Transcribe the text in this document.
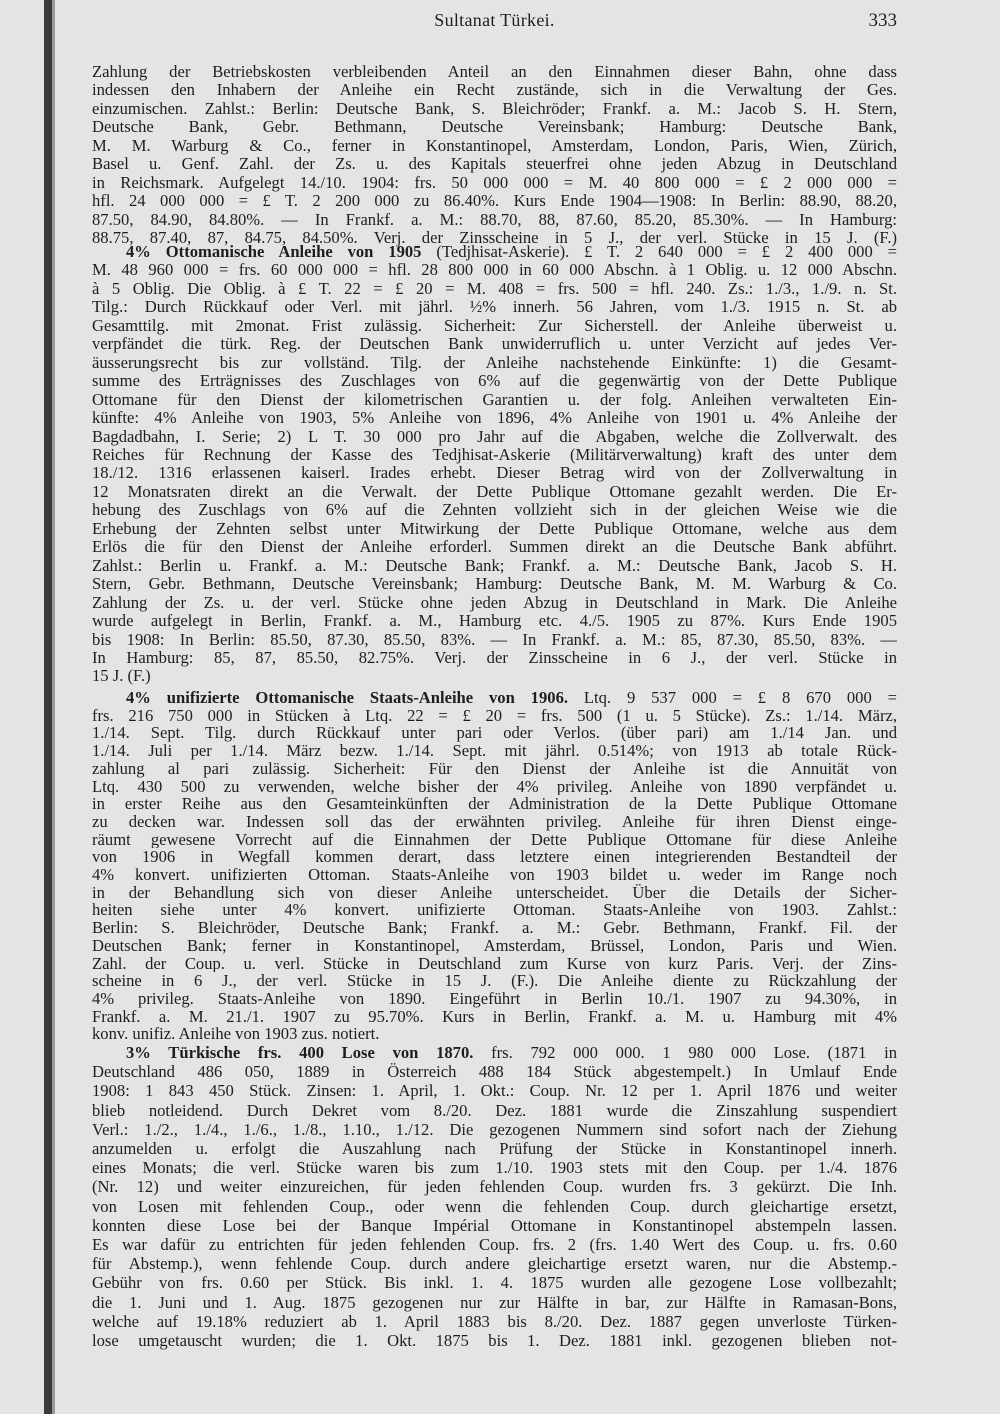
Sultanat Türkei.	333
Zahlung der Betriebskosten verbleibenden Anteil an den Einnahmen dieser Bahn, ohne dass
indessen den Inhabern der Anleihe ein Recht zustände, sich in die Verwaltung der Ges.
einzumischen. Zahlst.: Berlin: Deutsche Bank, S. Bleichröder; Frankf. a. M.: Jacob S. H. Stern,
Deutsche Bank, Gebr. Bethmann, Deutsche Vereinsbank; Hamburg: Deutsche Bank,
M. M. Warburg & Co., ferner in Konstantinopel, Amsterdam, London, Paris, Wien, Zürich,
Basel u. Genf. Zahl. der Zs. u. des Kapitals steuerfrei ohne jeden Abzug in Deutschland
in Reichsmark. Aufgelegt 14./10. 1904: frs. 50 000 000 = M. 40 800 000 = £ 2 000 000 =
hfl. 24 000 000 = £ T. 2 200 000 zu 86.40%. Kurs Ende 1904—1908: In Berlin: 88.90, 88.20,
87.50, 84.90, 84.80%. — In Frankf. a. M.: 88.70, 88, 87.60, 85.20, 85.30%. — In Hamburg:
88.75, 87.40, 87, 84.75, 84.50%. Verj. der Zinsscheine in 5 J., der verl. Stücke in 15 J. (F.)
4% Ottomanische Anleihe von 1905 (Tedjhisat-Askerie). £ T. 2 640 000 = £ 2 400 000 =
M. 48 960 000 = frs. 60 000 000 = hfl. 28 800 000 in 60 000 Abschn. à 1 Oblig. u. 12 000 Abschn.
à 5 Oblig. Die Oblig. à £ T. 22 = £ 20 = M. 408 = frs. 500 = hfl. 240. Zs.: 1./3., 1./9. n. St.
Tilg.: Durch Rückkauf oder Verl. mit jährl. ½% innerh. 56 Jahren, vom 1./3. 1915 n. St. ab
Gesamttilg. mit 2monat. Frist zulässig. Sicherheit: Zur Sicherstell. der Anleihe überweist u.
verpfändet die türk. Reg. der Deutschen Bank unwiderruflich u. unter Verzicht auf jedes Ver-
äusserungsrecht bis zur vollständ. Tilg. der Anleihe nachstehende Einkünfte: 1) die Gesamt-
summe des Erträgnisses des Zuschlages von 6% auf die gegenwärtig von der Dette Publique
Ottomane für den Dienst der kilometrischen Garantien u. der folg. Anleihen verwalteten Ein-
künfte: 4% Anleihe von 1903, 5% Anleihe von 1896, 4% Anleihe von 1901 u. 4% Anleihe der
Bagdadbahn, I. Serie; 2) L T. 30 000 pro Jahr auf die Abgaben, welche die Zollverwalt. des
Reiches für Rechnung der Kasse des Tedjhisat-Askerie (Militärverwaltung) kraft des unter dem
18./12. 1316 erlassenen kaiserl. Irades erhebt. Dieser Betrag wird von der Zollverwaltung in
12 Monatsraten direkt an die Verwalt. der Dette Publique Ottomane gezahlt werden. Die Er-
hebung des Zuschlags von 6% auf die Zehnten vollzieht sich in der gleichen Weise wie die
Erhebung der Zehnten selbst unter Mitwirkung der Dette Publique Ottomane, welche aus dem
Erlös die für den Dienst der Anleihe erforderl. Summen direkt an die Deutsche Bank abführt.
Zahlst.: Berlin u. Frankf. a. M.: Deutsche Bank; Frankf. a. M.: Deutsche Bank, Jacob S. H.
Stern, Gebr. Bethmann, Deutsche Vereinsbank; Hamburg: Deutsche Bank, M. M. Warburg & Co.
Zahlung der Zs. u. der verl. Stücke ohne jeden Abzug in Deutschland in Mark. Die Anleihe
wurde aufgelegt in Berlin, Frankf. a. M., Hamburg etc. 4./5. 1905 zu 87%. Kurs Ende 1905
bis 1908: In Berlin: 85.50, 87.30, 85.50, 83%. — In Frankf. a. M.: 85, 87.30, 85.50, 83%. —
In Hamburg: 85, 87, 85.50, 82.75%. Verj. der Zinsscheine in 6 J., der verl. Stücke in
15 J. (F.)
4% unifizierte Ottomanische Staats-Anleihe von 1906. Ltq. 9 537 000 = £ 8 670 000 =
frs. 216 750 000 in Stücken à Ltq. 22 = £ 20 = frs. 500 (1 u. 5 Stücke). Zs.: 1./14. März,
1./14. Sept. Tilg. durch Rückkauf unter pari oder Verlos. (über pari) am 1./14 Jan. und
1./14. Juli per 1./14. März bezw. 1./14. Sept. mit jährl. 0.514%; von 1913 ab totale Rück-
zahlung al pari zulässig. Sicherheit: Für den Dienst der Anleihe ist die Annuität von
Ltq. 430 500 zu verwenden, welche bisher der 4% privileg. Anleihe von 1890 verpfändet u.
in erster Reihe aus den Gesamteinkünften der Administration de la Dette Publique Ottomane
zu decken war. Indessen soll das der erwähnten privileg. Anleihe für ihren Dienst einge-
räumt gewesene Vorrecht auf die Einnahmen der Dette Publique Ottomane für diese Anleihe
von 1906 in Wegfall kommen derart, dass letztere einen integrierenden Bestandteil der
4% konvert. unifizierten Ottoman. Staats-Anleihe von 1903 bildet u. weder im Range noch
in der Behandlung sich von dieser Anleihe unterscheidet. Über die Details der Sicher-
heiten siehe unter 4% konvert. unifizierte Ottoman. Staats-Anleihe von 1903. Zahlst.:
Berlin: S. Bleichröder, Deutsche Bank; Frankf. a. M.: Gebr. Bethmann, Frankf. Fil. der
Deutschen Bank; ferner in Konstantinopel, Amsterdam, Brüssel, London, Paris und Wien.
Zahl. der Coup. u. verl. Stücke in Deutschland zum Kurse von kurz Paris. Verj. der Zins-
scheine in 6 J., der verl. Stücke in 15 J. (F.). Die Anleihe diente zu Rückzahlung der
4% privileg. Staats-Anleihe von 1890. Eingeführt in Berlin 10./1. 1907 zu 94.30%, in
Frankf. a. M. 21./1. 1907 zu 95.70%. Kurs in Berlin, Frankf. a. M. u. Hamburg mit 4%
konv. unifiz. Anleihe von 1903 zus. notiert.
3% Türkische frs. 400 Lose von 1870. frs. 792 000 000. 1 980 000 Lose. (1871 in
Deutschland 486 050, 1889 in Österreich 488 184 Stück abgestempelt.) In Umlauf Ende
1908: 1 843 450 Stück. Zinsen: 1. April, 1. Okt.: Coup. Nr. 12 per 1. April 1876 und weiter
blieb notleidend. Durch Dekret vom 8./20. Dez. 1881 wurde die Zinszahlung suspendiert
Verl.: 1./2., 1./4., 1./6., 1./8., 1.10., 1./12. Die gezogenen Nummern sind sofort nach der Ziehung
anzumelden u. erfolgt die Auszahlung nach Prüfung der Stücke in Konstantinopel innerh.
eines Monats; die verl. Stücke waren bis zum 1./10. 1903 stets mit den Coup. per 1./4. 1876
(Nr. 12) und weiter einzureichen, für jeden fehlenden Coup. wurden frs. 3 gekürzt. Die Inh.
von Losen mit fehlenden Coup., oder wenn die fehlenden Coup. durch gleichartige ersetzt,
konnten diese Lose bei der Banque Impérial Ottomane in Konstantinopel abstempeln lassen.
Es war dafür zu entrichten für jeden fehlenden Coup. frs. 2 (frs. 1.40 Wert des Coup. u. frs. 0.60
für Abstemp.), wenn fehlende Coup. durch andere gleichartige ersetzt waren, nur die Abstemp.-
Gebühr von frs. 0.60 per Stück. Bis inkl. 1. 4. 1875 wurden alle gezogene Lose vollbezahlt;
die 1. Juni und 1. Aug. 1875 gezogenen nur zur Hälfte in bar, zur Hälfte in Ramasan-Bons,
welche auf 19.18% reduziert ab 1. April 1883 bis 8./20. Dez. 1887 gegen unverloste Türken-
lose umgetauscht wurden; die 1. Okt. 1875 bis 1. Dez. 1881 inkl. gezogenen blieben not-
